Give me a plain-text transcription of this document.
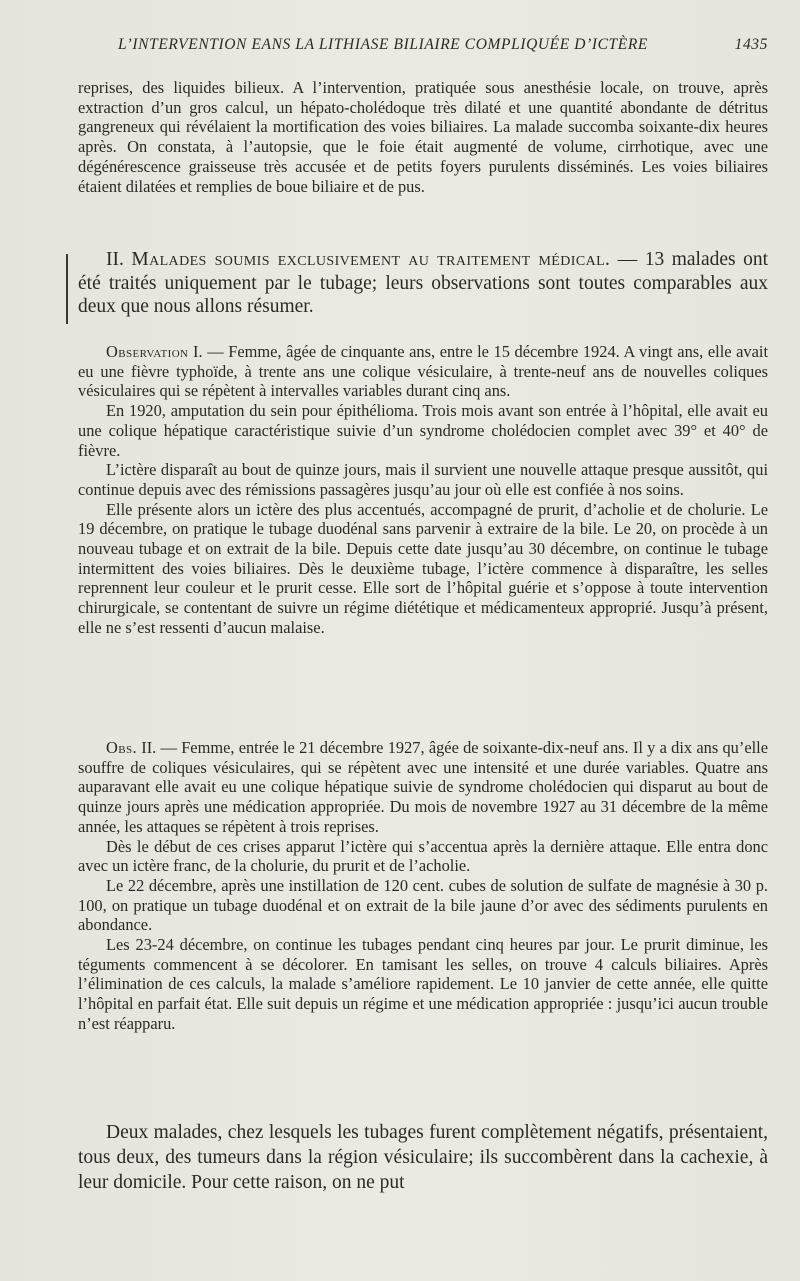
L’INTERVENTION EANS LA LITHIASE BILIAIRE COMPLIQUÉE D’ICTÈRE	1435

reprises, des liquides bilieux. A l’intervention, pratiquée sous anesthésie locale, on trouve, après extraction d’un gros calcul, un hépato-cholédoque très dilaté et une quantité abondante de détritus gangreneux qui révélaient la mortification des voies biliaires. La malade succomba soixante-dix heures après. On constata, à l’autopsie, que le foie était augmenté de volume, cirrhotique, avec une dégénérescence graisseuse très accusée et de petits foyers purulents disséminés. Les voies biliaires étaient dilatées et remplies de boue biliaire et de pus.

II. Malades soumis exclusivement au traitement médical. — 13 malades ont été traités uniquement par le tubage; leurs observations sont toutes comparables aux deux que nous allons résumer.

Observation I. — Femme, âgée de cinquante ans, entre le 15 décembre 1924. A vingt ans, elle avait eu une fièvre typhoïde, à trente ans une colique vésiculaire, à trente-neuf ans de nouvelles coliques vésiculaires qui se répètent à intervalles variables durant cinq ans.

En 1920, amputation du sein pour épithélioma. Trois mois avant son entrée à l’hôpital, elle avait eu une colique hépatique caractéristique suivie d’un syndrome cholédocien complet avec 39° et 40° de fièvre.

L’ictère disparaît au bout de quinze jours, mais il survient une nouvelle attaque presque aussitôt, qui continue depuis avec des rémissions passagères jusqu’au jour où elle est confiée à nos soins.

Elle présente alors un ictère des plus accentués, accompagné de prurit, d’acholie et de cholurie. Le 19 décembre, on pratique le tubage duodénal sans parvenir à extraire de la bile. Le 20, on procède à un nouveau tubage et on extrait de la bile. Depuis cette date jusqu’au 30 décembre, on continue le tubage intermittent des voies biliaires. Dès le deuxième tubage, l’ictère commence à disparaître, les selles reprennent leur couleur et le prurit cesse. Elle sort de l’hôpital guérie et s’oppose à toute intervention chirurgicale, se contentant de suivre un régime diététique et médicamenteux approprié. Jusqu’à présent, elle ne s’est ressenti d’aucun malaise.

Obs. II. — Femme, entrée le 21 décembre 1927, âgée de soixante-dix-neuf ans. Il y a dix ans qu’elle souffre de coliques vésiculaires, qui se répètent avec une intensité et une durée variables. Quatre ans auparavant elle avait eu une colique hépatique suivie de syndrome cholédocien qui disparut au bout de quinze jours après une médication appropriée. Du mois de novembre 1927 au 31 décembre de la même année, les attaques se répètent à trois reprises.

Dès le début de ces crises apparut l’ictère qui s’accentua après la dernière attaque. Elle entra donc avec un ictère franc, de la cholurie, du prurit et de l’acholie.

Le 22 décembre, après une instillation de 120 cent. cubes de solution de sulfate de magnésie à 30 p. 100, on pratique un tubage duodénal et on extrait de la bile jaune d’or avec des sédiments purulents en abondance.

Les 23-24 décembre, on continue les tubages pendant cinq heures par jour. Le prurit diminue, les téguments commencent à se décolorer. En tamisant les selles, on trouve 4 calculs biliaires. Après l’élimination de ces calculs, la malade s’améliore rapidement. Le 10 janvier de cette année, elle quitte l’hôpital en parfait état. Elle suit depuis un régime et une médication appropriée : jusqu’ici aucun trouble n’est réapparu.

Deux malades, chez lesquels les tubages furent complètement négatifs, présentaient, tous deux, des tumeurs dans la région vésiculaire; ils succombèrent dans la cachexie, à leur domicile. Pour cette raison, on ne put
